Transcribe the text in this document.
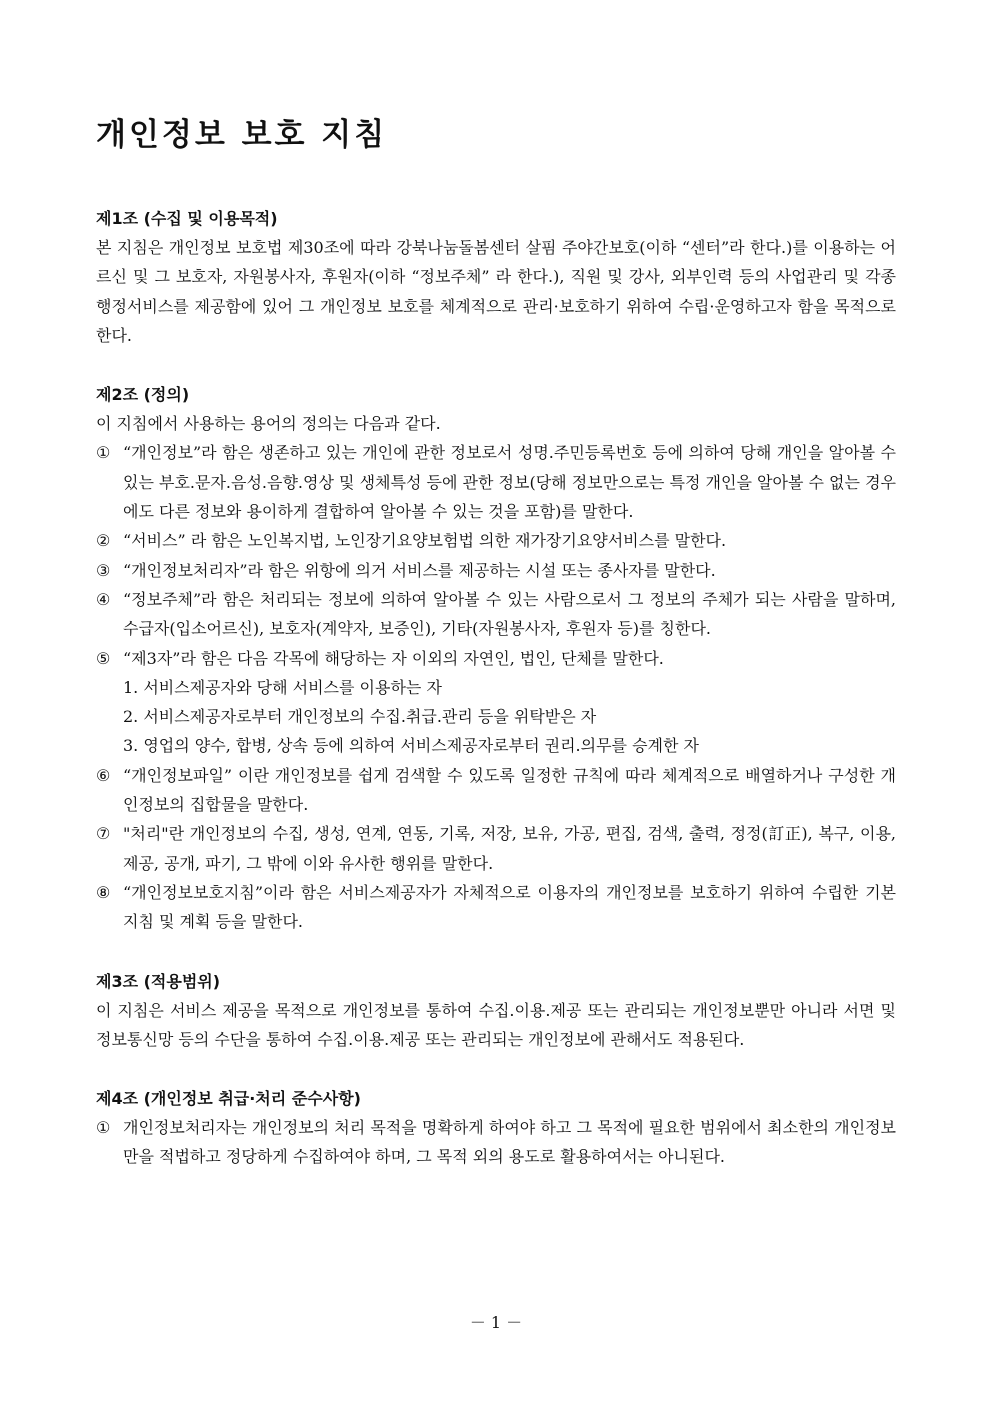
개인정보 보호 지침
제1조 (수집 및 이용목적)
본 지침은 개인정보 보호법 제30조에 따라 강북나눔돌봄센터 살핌 주야간보호(이하 “센터”라 한다.)를 이용하는 어르신 및 그 보호자, 자원봉사자, 후원자(이하 “정보주체” 라 한다.), 직원 및 강사, 외부인력 등의 사업관리 및 각종 행정서비스를 제공함에 있어 그 개인정보 보호를 체계적으로 관리·보호하기 위하여 수립·운영하고자 함을 목적으로 한다.
제2조 (정의)
이 지침에서 사용하는 용어의 정의는 다음과 같다.
① “개인정보”라 함은 생존하고 있는 개인에 관한 정보로서 성명.주민등록번호 등에 의하여 당해 개인을 알아볼 수 있는 부호.문자.음성.음향.영상 및 생체특성 등에 관한 정보(당해 정보만으로는 특정 개인을 알아볼 수 없는 경우에도 다른 정보와 용이하게 결합하여 알아볼 수 있는 것을 포함)를 말한다.
② “서비스” 라 함은 노인복지법, 노인장기요양보험법 의한 재가장기요양서비스를 말한다.
③ “개인정보처리자”라 함은 위항에 의거 서비스를 제공하는 시설 또는 종사자를 말한다.
④ “정보주체”라 함은 처리되는 정보에 의하여 알아볼 수 있는 사람으로서 그 정보의 주체가 되는 사람을 말하며, 수급자(입소어르신), 보호자(계약자, 보증인), 기타(자원봉사자, 후원자 등)를 칭한다.
⑤ “제3자”라 함은 다음 각목에 해당하는 자 이외의 자연인, 법인, 단체를 말한다.
1. 서비스제공자와 당해 서비스를 이용하는 자
2. 서비스제공자로부터 개인정보의 수집.취급.관리 등을 위탁받은 자
3. 영업의 양수, 합병, 상속 등에 의하여 서비스제공자로부터 권리.의무를 승계한 자
⑥ “개인정보파일” 이란 개인정보를 쉽게 검색할 수 있도록 일정한 규칙에 따라 체계적으로 배열하거나 구성한 개인정보의 집합물을 말한다.
⑦ "처리"란 개인정보의 수집, 생성, 연계, 연동, 기록, 저장, 보유, 가공, 편집, 검색, 출력, 정정(訂正), 복구, 이용, 제공, 공개, 파기, 그 밖에 이와 유사한 행위를 말한다.
⑧ “개인정보보호지침”이라 함은 서비스제공자가 자체적으로 이용자의 개인정보를 보호하기 위하여 수립한 기본지침 및 계획 등을 말한다.
제3조 (적용범위)
이 지침은 서비스 제공을 목적으로 개인정보를 통하여 수집.이용.제공 또는 관리되는 개인정보뿐만 아니라 서면 및 정보통신망 등의 수단을 통하여 수집.이용.제공 또는 관리되는 개인정보에 관해서도 적용된다.
제4조 (개인정보 취급·처리 준수사항)
① 개인정보처리자는 개인정보의 처리 목적을 명확하게 하여야 하고 그 목적에 필요한 범위에서 최소한의 개인정보만을 적법하고 정당하게 수집하여야 하며, 그 목적 외의 용도로 활용하여서는 아니된다.
－ 1 －
